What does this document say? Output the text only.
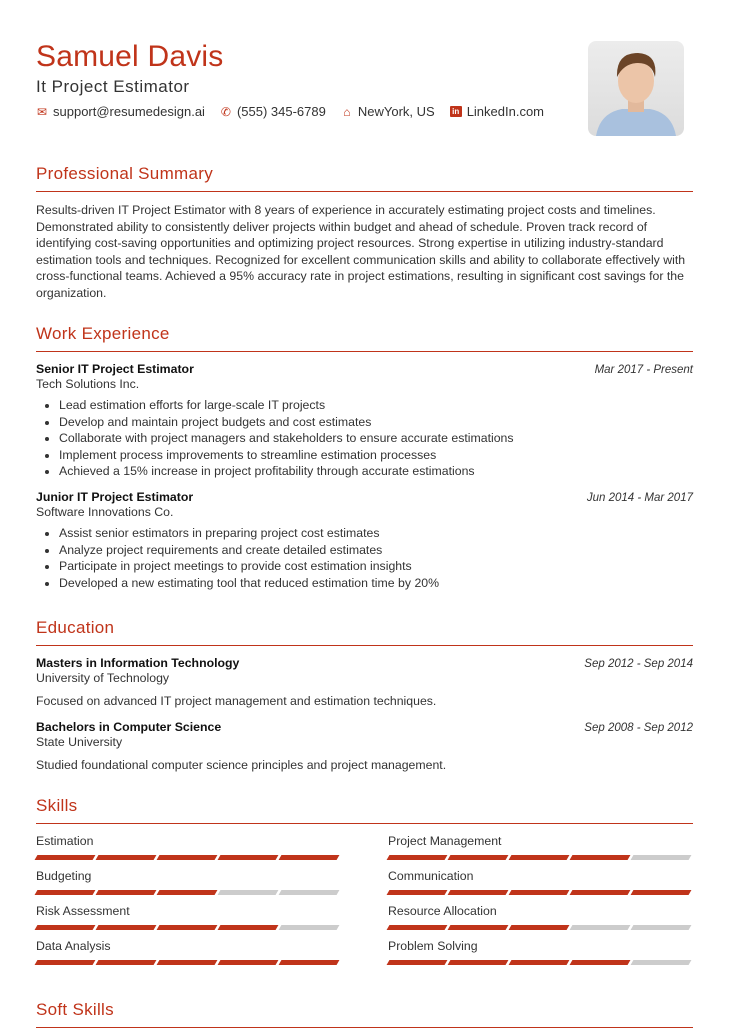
Samuel Davis
It Project Estimator
✉ support@resumedesign.ai ✆ (555) 345-6789 ⌂ NewYork, US	in LinkedIn.com
Professional Summary
Results-driven IT Project Estimator with 8 years of experience in accurately estimating project costs and timelines. Demonstrated ability to consistently deliver projects within budget and ahead of schedule. Proven track record of identifying cost-saving opportunities and optimizing project resources. Strong expertise in utilizing industry-standard estimation tools and techniques. Recognized for excellent communication skills and ability to collaborate effectively with cross-functional teams. Achieved a 95% accuracy rate in project estimations, resulting in significant cost savings for the organization.
Work Experience
Senior IT Project Estimator
Tech Solutions Inc.
Mar 2017 - Present
• Lead estimation efforts for large-scale IT projects
• Develop and maintain project budgets and cost estimates
• Collaborate with project managers and stakeholders to ensure accurate estimations
• Implement process improvements to streamline estimation processes
• Achieved a 15% increase in project profitability through accurate estimations
Junior IT Project Estimator
Software Innovations Co.
Jun 2014 - Mar 2017
• Assist senior estimators in preparing project cost estimates
• Analyze project requirements and create detailed estimates
• Participate in project meetings to provide cost estimation insights
• Developed a new estimating tool that reduced estimation time by 20%
Education
Masters in Information Technology
University of Technology
Sep 2012 - Sep 2014
Focused on advanced IT project management and estimation techniques.
Bachelors in Computer Science
State University
Sep 2008 - Sep 2012
Studied foundational computer science principles and project management.
Skills
Estimation	Project Management
Budgeting	Communication
Risk Assessment	Resource Allocation
Data Analysis	Problem Solving
Soft Skills
